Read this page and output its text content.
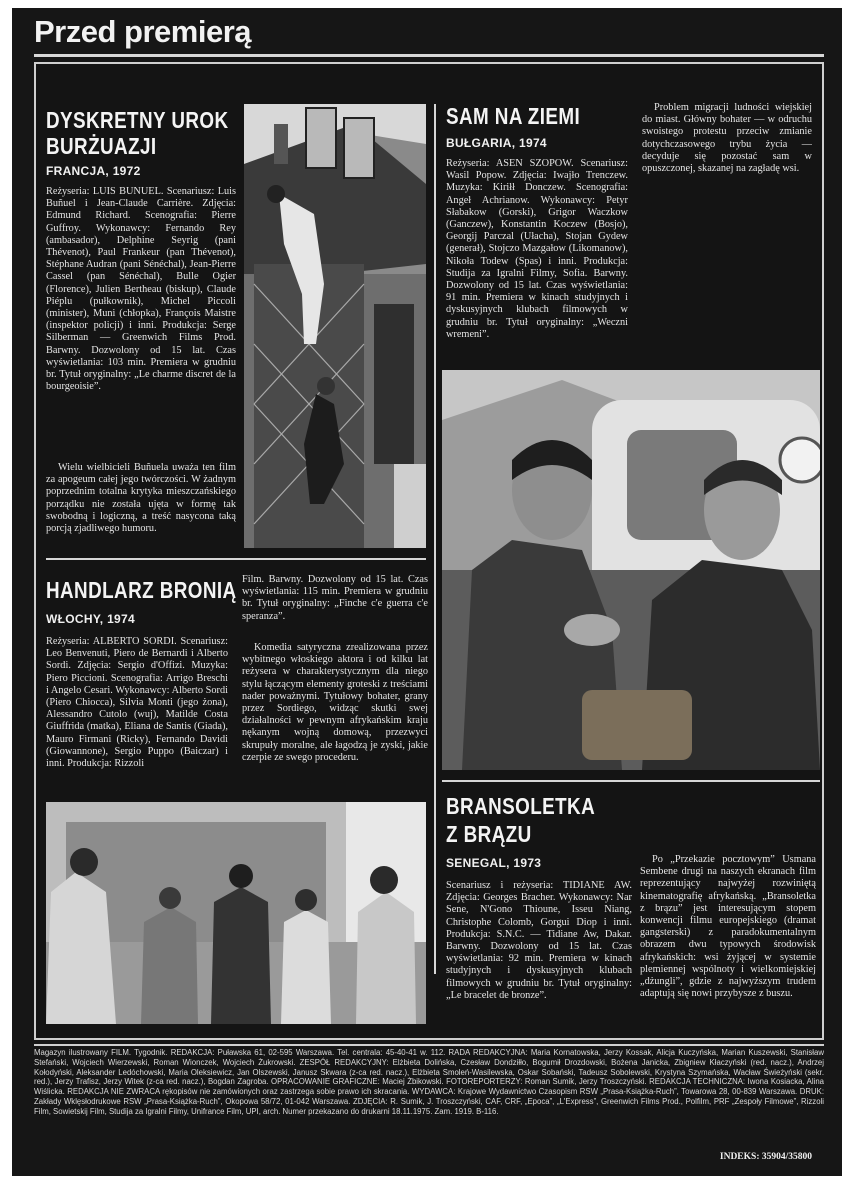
Przed premierą
DYSKRETNY UROK
BURŻUAZJI
FRANCJA, 1972

Reżyseria: LUIS BUNUEL. Scenariusz: Luis Buñuel i Jean-Claude Carrière. Zdjęcia: Edmund Richard. Scenografia: Pierre Guffroy. Wykonawcy: Fernando Rey (ambasador), Delphine Seyrig (pani Thévenot), Paul Frankeur (pan Thévenot), Stéphane Audran (pani Sénéchal), Jean-Pierre Cassel (pan Sénéchal), Bulle Ogier (Florence), Julien Bertheau (biskup), Claude Piéplu (pułkownik), Michel Piccoli (minister), Muni (chłopka), François Maistre (inspektor policji) i inni. Produkcja: Serge Silberman — Greenwich Films Prod. Barwny. Dozwolony od 15 lat. Czas wyświetlania: 103 min. Premiera w grudniu br. Tytuł oryginalny: „Le charme discret de la bourgeoisie”.

Wielu wielbicieli Buñuela uważa ten film za apogeum całej jego twórczości. W żadnym poprzednim totalna krytyka mieszczańskiego porządku nie została ujęta w formę tak swobodną i logiczną, a treść nasycona taką porcją zjadliwego humoru.

SAM NA ZIEMI
BUŁGARIA, 1974

Reżyseria: ASEN SZOPOW. Scenariusz: Wasil Popow. Zdjęcia: Iwajło Trenczew. Muzyka: Kiriłł Donczew. Scenografia: Angeł Achrianow. Wykonawcy: Petyr Słabakow (Gorski), Grigor Waczkow (Ganczew), Konstantin Koczew (Bosjo), Georgij Parczal (Ułacha), Stojan Gydew (generał), Stojczo Mazgałow (Likomanow), Nikoła Todew (Spas) i inni. Produkcja: Studija za Igralni Filmy, Sofia. Barwny. Dozwolony od 15 lat. Czas wyświetlania: 91 min. Premiera w kinach studyjnych i dyskusyjnych klubach filmowych w grudniu br. Tytuł oryginalny: „Weczni wremeni”.

Problem migracji ludności wiejskiej do miast. Główny bohater — w odruchu swoistego protestu przeciw zmianie dotychczasowego trybu życia — decyduje się pozostać sam w opuszczonej, skazanej na zagładę wsi.

HANDLARZ BRONIĄ
WŁOCHY, 1974

Reżyseria: ALBERTO SORDI. Scenariusz: Leo Benvenuti, Piero de Bernardi i Alberto Sordi. Zdjęcia: Sergio d'Offizi. Muzyka: Piero Piccioni. Scenografia: Arrigo Breschi i Angelo Cesari. Wykonawcy: Alberto Sordi (Piero Chiocca), Silvia Monti (jego żona), Alessandro Cutolo (wuj), Matilde Costa Giuffrida (matka), Eliana de Santis (Giada), Mauro Firmani (Ricky), Fernando Davidi (Giowannone), Sergio Puppo (Baiczar) i inni. Produkcja: Rizzoli

Film. Barwny. Dozwolony od 15 lat. Czas wyświetlania: 115 min. Premiera w grudniu br. Tytuł oryginalny: „Finche c'e guerra c'e speranza”.

Komedia satyryczna zrealizowana przez wybitnego włoskiego aktora i od kilku lat reżysera w charakterystycznym dla niego stylu łączącym elementy groteski z treściami nader poważnymi. Tytułowy bohater, grany przez Sordiego, widząc skutki swej działalności w pewnym afrykańskim kraju nękanym wojną domową, przezwyci skrupuły moralne, ale łagodzą je zyski, jakie czerpie ze swego procederu.

BRANSOLETKA
Z BRĄZU
SENEGAL, 1973

Scenariusz i reżyseria: TIDIANE AW. Zdjęcia: Georges Bracher. Wykonawcy: Nar Sene, N'Gono Thioune, Isseu Niang, Christophe Colomb, Gorgui Diop i inni. Produkcja: S.N.C. — Tidiane Aw, Dakar. Barwny. Dozwolony od 15 lat. Czas wyświetlania: 92 min. Premiera w kinach studyjnych i dyskusyjnych klubach filmowych w grudniu br. Tytuł oryginalny: „Le bracelet de bronze”.

Po „Przekazie pocztowym” Usmana Sembene drugi na naszych ekranach film reprezentujący najwyżej rozwiniętą kinematografię afrykańską. „Bransoletka z brązu” jest interesującym stopem konwencji filmu europejskiego (dramat gangsterski) z paradokumentalnym obrazem dwu typowych środowisk afrykańskich: wsi żyjącej w systemie plemiennej wspólnoty i wielkomiejskiej „dżungli”, gdzie z najwyższym trudem adaptują się nowi przybysze z buszu.

Magazyn ilustrowany FILM. Tygodnik. REDAKCJA: Puławska 61, 02-595 Warszawa. Tel. centrala: 45-40-41 w. 112. RADA REDAKCYJNA: Maria Kornatowska, Jerzy Kossak, Alicja Kuczyńska, Marian Kuszewski, Stanisław Stefański, Wojciech Wierzewski, Roman Wionczek, Wojciech Żukrowski. ZESPÓŁ REDAKCYJNY: Elżbieta Dolińska, Czesław Dondziłło, Bogumił Drozdowski, Bożena Janicka, Zbigniew Kłaczyński (red. nacz.), Andrzej Kołodyński, Aleksander Ledóchowski, Maria Oleksiewicz, Jan Olszewski, Janusz Skwara (z-ca red. nacz.), Elżbieta Smoleń-Wasilewska, Oskar Sobański, Tadeusz Sobolewski, Krystyna Szymańska, Wacław Świeżyński (sekr. red.), Jerzy Trafisz, Jerzy Witek (z-ca red. nacz.), Bogdan Zagroba. OPRACOWANIE GRAFICZNE: Maciej Żbikowski. FOTOREPORTERZY: Roman Sumik, Jerzy Troszczyński. REDAKCJA TECHNICZNA: Iwona Kosiacka, Alina Wiślicka. REDAKCJA NIE ZWRACA rękopisów nie zamówionych oraz zastrzega sobie prawo ich skracania. WYDAWCA: Krajowe Wydawnictwo Czasopism RSW „Prasa-Książka-Ruch”, Towarowa 28, 00-839 Warszawa. DRUK: Zakłady Wklęsłodrukowe RSW „Prasa-Książka-Ruch”, Okopowa 58/72, 01-042 Warszawa. ZDJĘCIA: R. Sumik, J. Troszczyński, CAF, CRF, „Epoca”, „L'Express”, Greenwich Films Prod., Polfilm, PRF „Zespoły Filmowe”, Rizzoli Film, Sowietskij Film, Studija za Igralni Filmy, Unifrance Film, UPI, arch. Numer przekazano do drukarni 18.11.1975. Zam. 1919. B-116.

INDEKS: 35904/35800
